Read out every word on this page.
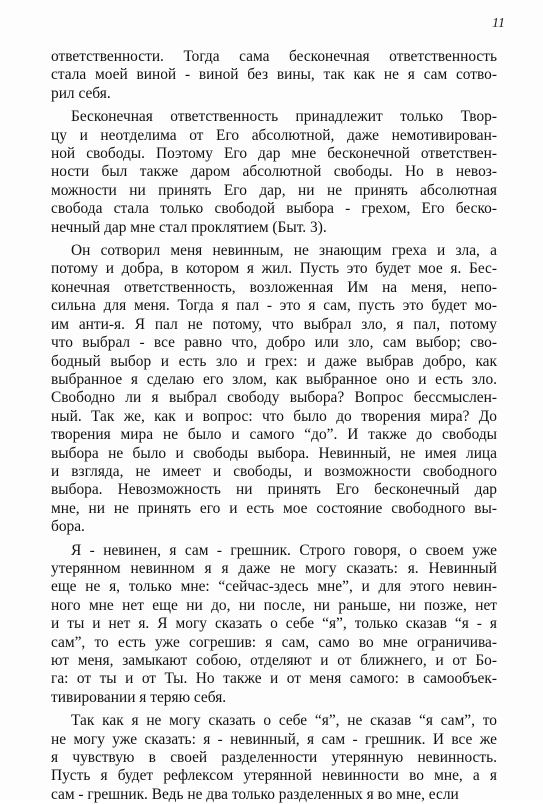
11
ответственности. Тогда сама бесконечная ответственность
стала моей виной - виной без вины, так как не я сам сотво-
рил себя.
Бесконечная ответственность принадлежит только Твор-
цу и неотделима от Его абсолютной, даже немотивирован-
ной свободы. Поэтому Его дар мне бесконечной ответствен-
ности был также даром абсолютной свободы. Но в невоз-
можности ни принять Его дар, ни не принять абсолютная
свобода стала только свободой выбора - грехом, Его беско-
нечный дар мне стал проклятием (Быт. 3).
Он сотворил меня невинным, не знающим греха и зла, а
потому и добра, в котором я жил. Пусть это будет мое я. Бес-
конечная ответственность, возложенная Им на меня, непо-
сильна для меня. Тогда я пал - это я сам, пусть это будет мо-
им анти-я. Я пал не потому, что выбрал зло, я пал, потому
что выбрал - все равно что, добро или зло, сам выбор; сво-
бодный выбор и есть зло и грех: и даже выбрав добро, как
выбранное я сделаю его злом, как выбранное оно и есть зло.
Свободно ли я выбрал свободу выбора? Вопрос бессмыслен-
ный. Так же, как и вопрос: что было до творения мира? До
творения мира не было и самого “до”. И также до свободы
выбора не было и свободы выбора. Невинный, не имея лица
и взгляда, не имеет и свободы, и возможности свободного
выбора. Невозможность ни принять Его бесконечный дар
мне, ни не принять его и есть мое состояние свободного вы-
бора.
Я - невинен, я сам - грешник. Строго говоря, о своем уже
утерянном невинном я я даже не могу сказать: я. Невинный
еще не я, только мне: “сейчас-здесь мне”, и для этого невин-
ного мне нет еще ни до, ни после, ни раньше, ни позже, нет
и ты и нет я. Я могу сказать о себе “я”, только сказав “я - я
сам”, то есть уже согрешив: я сам, само во мне ограничива-
ют меня, замыкают собою, отделяют и от ближнего, и от Бо-
га: от ты и от Ты. Но также и от меня самого: в самообъек-
тивировании я теряю себя.
Так как я не могу сказать о себе “я”, не сказав “я сам”, то
не могу уже сказать: я - невинный, я сам - грешник. И все же
я чувствую в своей разделенности утерянную невинность.
Пусть я будет рефлексом утерянной невинности во мне, а я
сам - грешник. Ведь не два только разделенных я во мне, если
